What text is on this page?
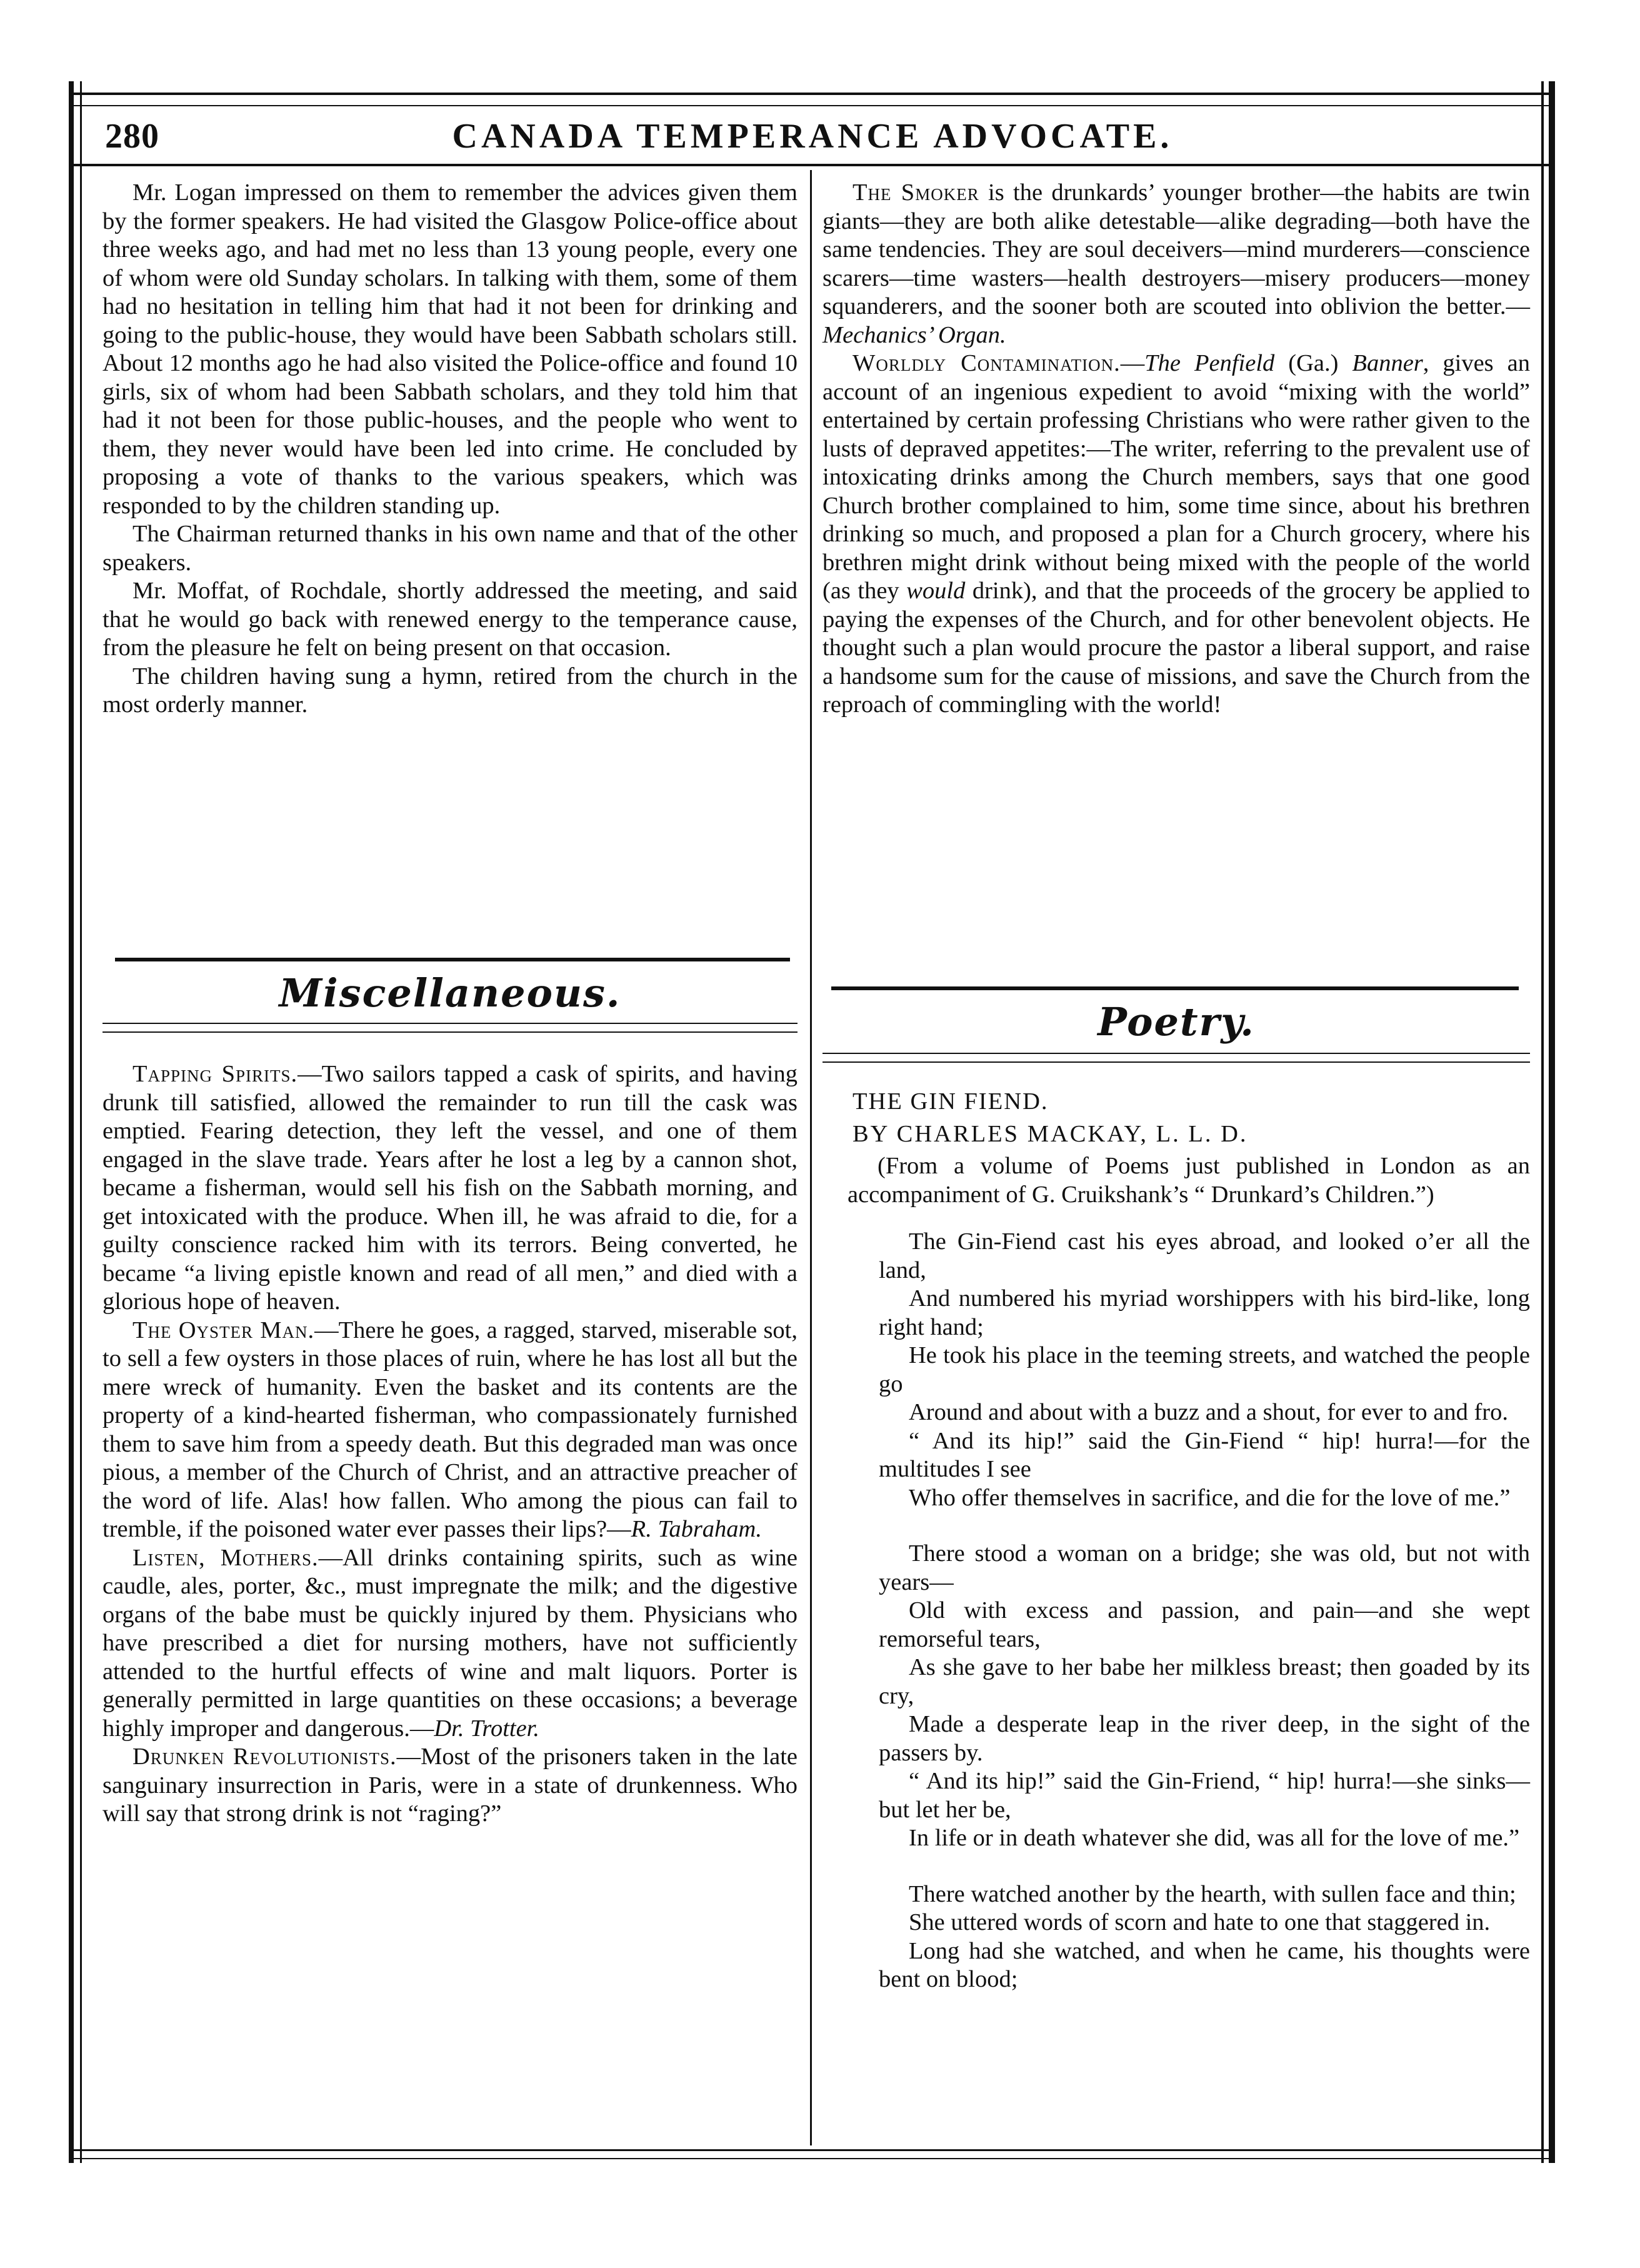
280	CANADA TEMPERANCE ADVOCATE.

Mr. Logan impressed on them to remember the advices given them by the former speakers. He had visited the Glasgow Police-office about three weeks ago, and had met no less than 13 young people, every one of whom were old Sunday scholars. In talking with them, some of them had no hesitation in telling him that had it not been for drinking and going to the public-house, they would have been Sabbath scholars still. About 12 months ago he had also visited the Police-office and found 10 girls, six of whom had been Sabbath scholars, and they told him that had it not been for those public-houses, and the people who went to them, they never would have been led into crime. He concluded by proposing a vote of thanks to the various speakers, which was responded to by the children standing up.

The Chairman returned thanks in his own name and that of the other speakers.

Mr. Moffat, of Rochdale, shortly addressed the meeting, and said that he would go back with renewed energy to the temperance cause, from the pleasure he felt on being present on that occasion.

The children having sung a hymn, retired from the church in the most orderly manner.

Miscellaneous.

Tapping Spirits.—Two sailors tapped a cask of spirits, and having drunk till satisfied, allowed the remainder to run till the cask was emptied. Fearing detection, they left the vessel, and one of them engaged in the slave trade. Years after he lost a leg by a cannon shot, became a fisherman, would sell his fish on the Sabbath morning, and get intoxicated with the produce. When ill, he was afraid to die, for a guilty conscience racked him with its terrors. Being converted, he became “a living epistle known and read of all men,” and died with a glorious hope of heaven.

The Oyster Man.—There he goes, a ragged, starved, miserable sot, to sell a few oysters in those places of ruin, where he has lost all but the mere wreck of humanity. Even the basket and its contents are the property of a kind-hearted fisherman, who compassionately furnished them to save him from a speedy death. But this degraded man was once pious, a member of the Church of Christ, and an attractive preacher of the word of life. Alas! how fallen. Who among the pious can fail to tremble, if the poisoned water ever passes their lips?—R. Tabraham.

Listen, Mothers.—All drinks containing spirits, such as wine caudle, ales, porter, &c., must impregnate the milk; and the digestive organs of the babe must be quickly injured by them. Physicians who have prescribed a diet for nursing mothers, have not sufficiently attended to the hurtful effects of wine and malt liquors. Porter is generally permitted in large quantities on these occasions; a beverage highly improper and dangerous.—Dr. Trotter.

Drunken Revolutionists.—Most of the prisoners taken in the late sanguinary insurrection in Paris, were in a state of drunkenness. Who will say that strong drink is not “raging?”

The Smoker is the drunkards’ younger brother—the habits are twin giants—they are both alike detestable—alike degrading—both have the same tendencies. They are soul deceivers—mind murderers—conscience scarers—time wasters—health destroyers—misery producers—money squanderers, and the sooner both are scouted into oblivion the better.—Mechanics’ Organ.

Worldly Contamination.—The Penfield (Ga.) Banner, gives an account of an ingenious expedient to avoid “mixing with the world” entertained by certain professing Christians who were rather given to the lusts of depraved appetites:—The writer, referring to the prevalent use of intoxicating drinks among the Church members, says that one good Church brother complained to him, some time since, about his brethren drinking so much, and proposed a plan for a Church grocery, where his brethren might drink without being mixed with the people of the world (as they would drink), and that the proceeds of the grocery be applied to paying the expenses of the Church, and for other benevolent objects. He thought such a plan would procure the pastor a liberal support, and raise a handsome sum for the cause of missions, and save the Church from the reproach of commingling with the world!

Poetry.

THE GIN FIEND.

BY CHARLES MACKAY, L. L. D.

(From a volume of Poems just published in London as an accompaniment of G. Cruikshank’s “ Drunkard’s Children.”)

The Gin-Fiend cast his eyes abroad, and looked o’er all the land,

And numbered his myriad worshippers with his bird-like, long right hand;

He took his place in the teeming streets, and watched the people go

Around and about with a buzz and a shout, for ever to and fro.

“ And its hip!” said the Gin-Fiend “ hip! hurra!—for the multitudes I see

Who offer themselves in sacrifice, and die for the love of me.”

There stood a woman on a bridge; she was old, but not with years—

Old with excess and passion, and pain—and she wept remorseful tears,

As she gave to her babe her milkless breast; then goaded by its cry,

Made a desperate leap in the river deep, in the sight of the passers by.

“ And its hip!” said the Gin-Friend, “ hip! hurra!—she sinks—but let her be,

In life or in death whatever she did, was all for the love of me.”

There watched another by the hearth, with sullen face and thin;

She uttered words of scorn and hate to one that staggered in.

Long had she watched, and when he came, his thoughts were bent on blood;
